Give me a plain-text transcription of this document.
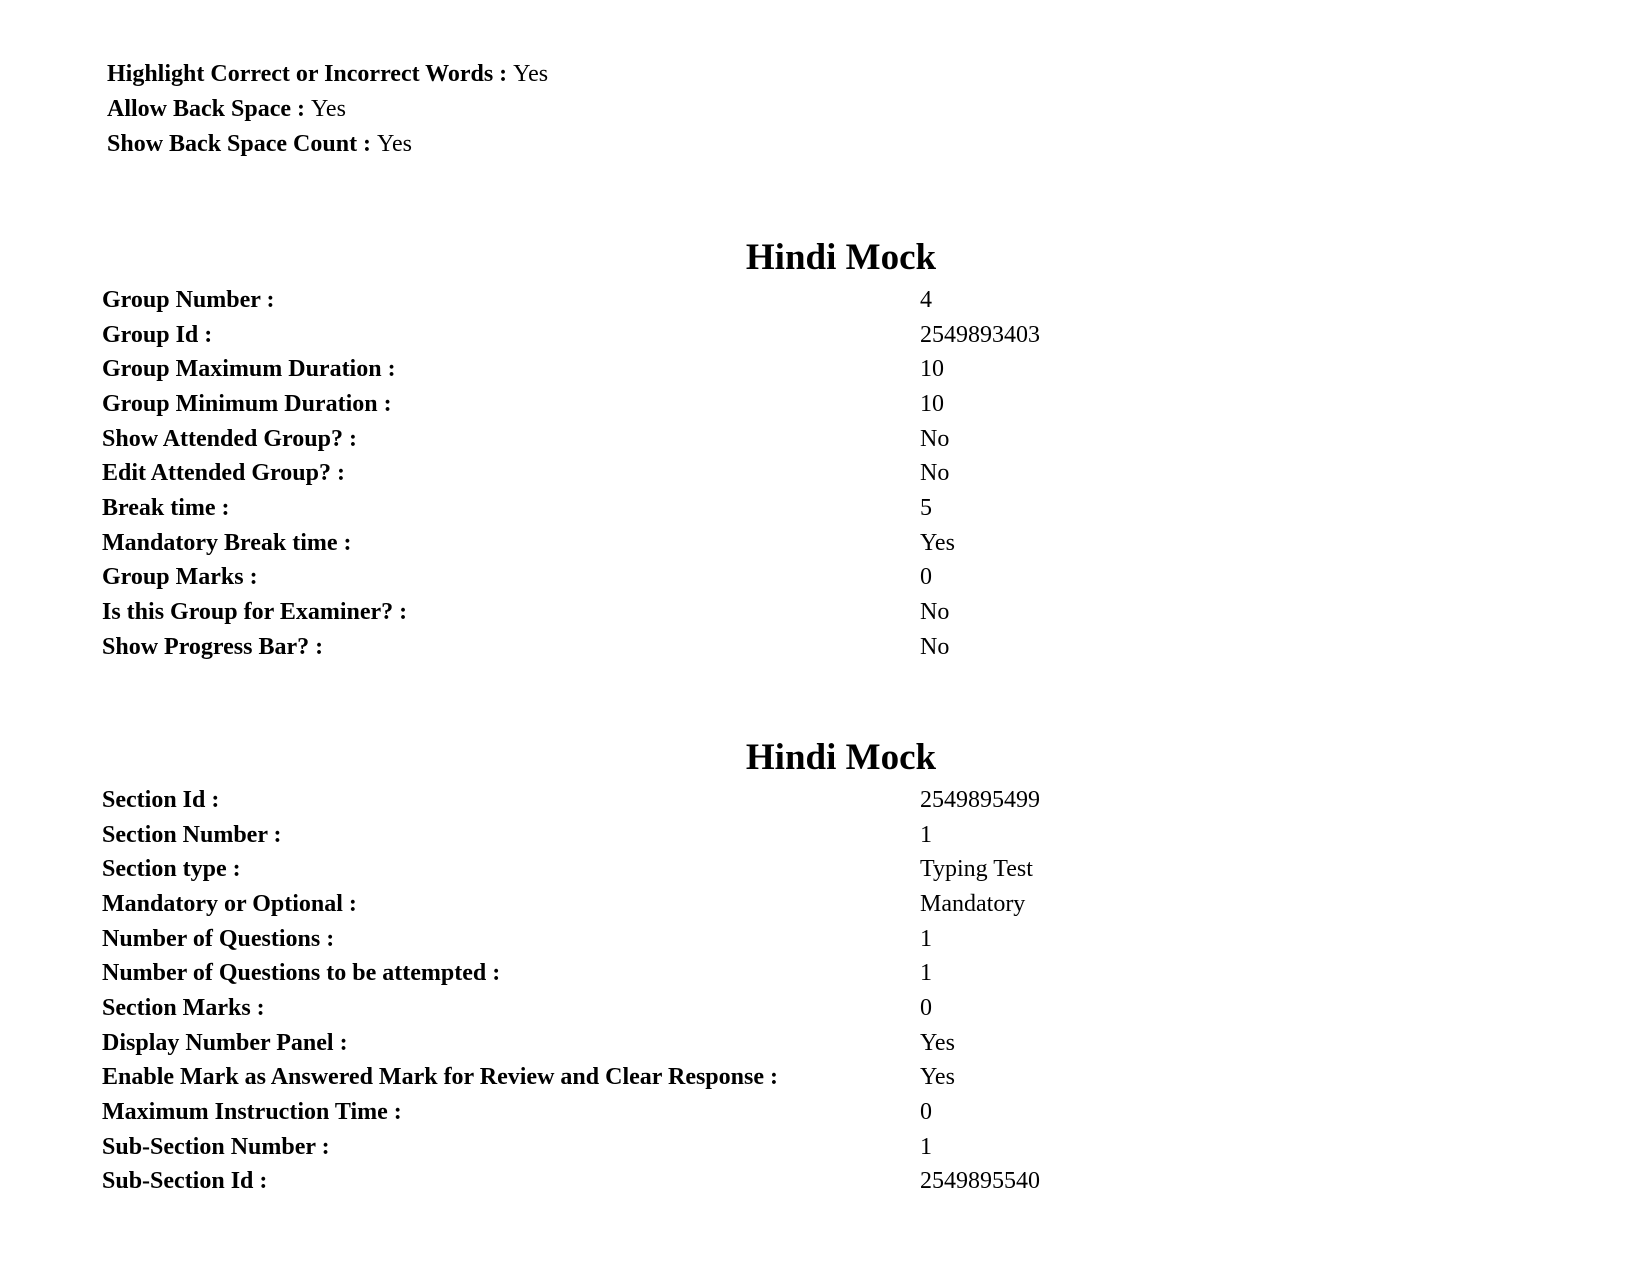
Highlight Correct or Incorrect Words : Yes
Allow Back Space : Yes
Show Back Space Count : Yes
Hindi Mock
Group Number :	4
Group Id :	2549893403
Group Maximum Duration :	10
Group Minimum Duration :	10
Show Attended Group? :	No
Edit Attended Group? :	No
Break time :	5
Mandatory Break time :	Yes
Group Marks :	0
Is this Group for Examiner? :	No
Show Progress Bar? :	No
Hindi Mock
Section Id :	2549895499
Section Number :	1
Section type :	Typing Test
Mandatory or Optional :	Mandatory
Number of Questions :	1
Number of Questions to be attempted :	1
Section Marks :	0
Display Number Panel :	Yes
Enable Mark as Answered Mark for Review and Clear Response :	Yes
Maximum Instruction Time :	0
Sub-Section Number :	1
Sub-Section Id :	2549895540
